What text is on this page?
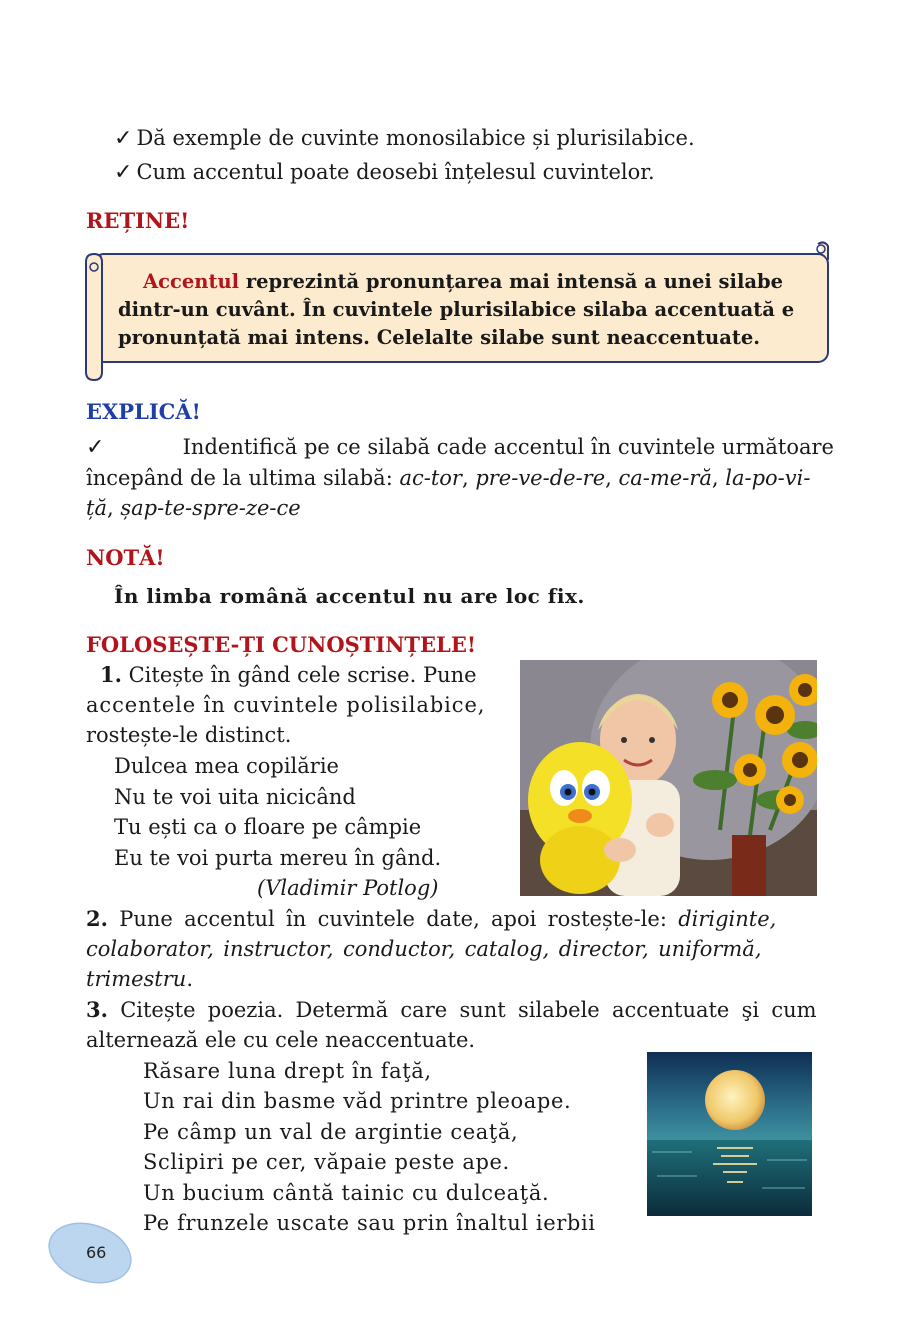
✓ Dă exemple de cuvinte monosilabice și plurisilabice.
✓ Cum accentul poate deosebi înțelesul cuvintelor.
REȚINE!
Accentul reprezintă pronunțarea mai intensă a unei silabe
dintr-un cuvânt. În cuvintele plurisilabice silaba accentuată e
pronunțată mai intens. Celelalte silabe sunt neaccentuate.
EXPLICĂ!
✓	Indentifică pe ce silabă cade accentul în cuvintele următoare
începând de la ultima silabă: ac-tor, pre-ve-de-re, ca-me-ră, la-po-vi-
ță, șap-te-spre-ze-ce
NOTĂ!
În limba română accentul nu are loc fix.
FOLOSEȘTE-ȚI CUNOȘTINȚELE!
1. Citește în gând cele scrise. Pune
accentele în cuvintele polisilabice,
rostește-le distinct.
Dulcea mea copilărie
Nu te voi uita nicicând
Tu ești ca o floare pe câmpie
Eu te voi purta mereu în gând.
(Vladimir Potlog)
2. Pune accentul în cuvintele date, apoi rostește-le: diriginte,
colaborator, instructor, conductor, catalog, director, uniformă,
trimestru.
3. Citește poezia. Determă care sunt silabele accentuate şi cum
alternează ele cu cele neaccentuate.
Răsare luna drept în faţă,
Un rai din basme văd printre pleoape.
Pe câmp un val de argintie ceaţă,
Sclipiri pe cer, văpaie peste ape.
Un bucium cântă tainic cu dulceaţă.
Pe frunzele uscate sau prin înaltul ierbii
66
